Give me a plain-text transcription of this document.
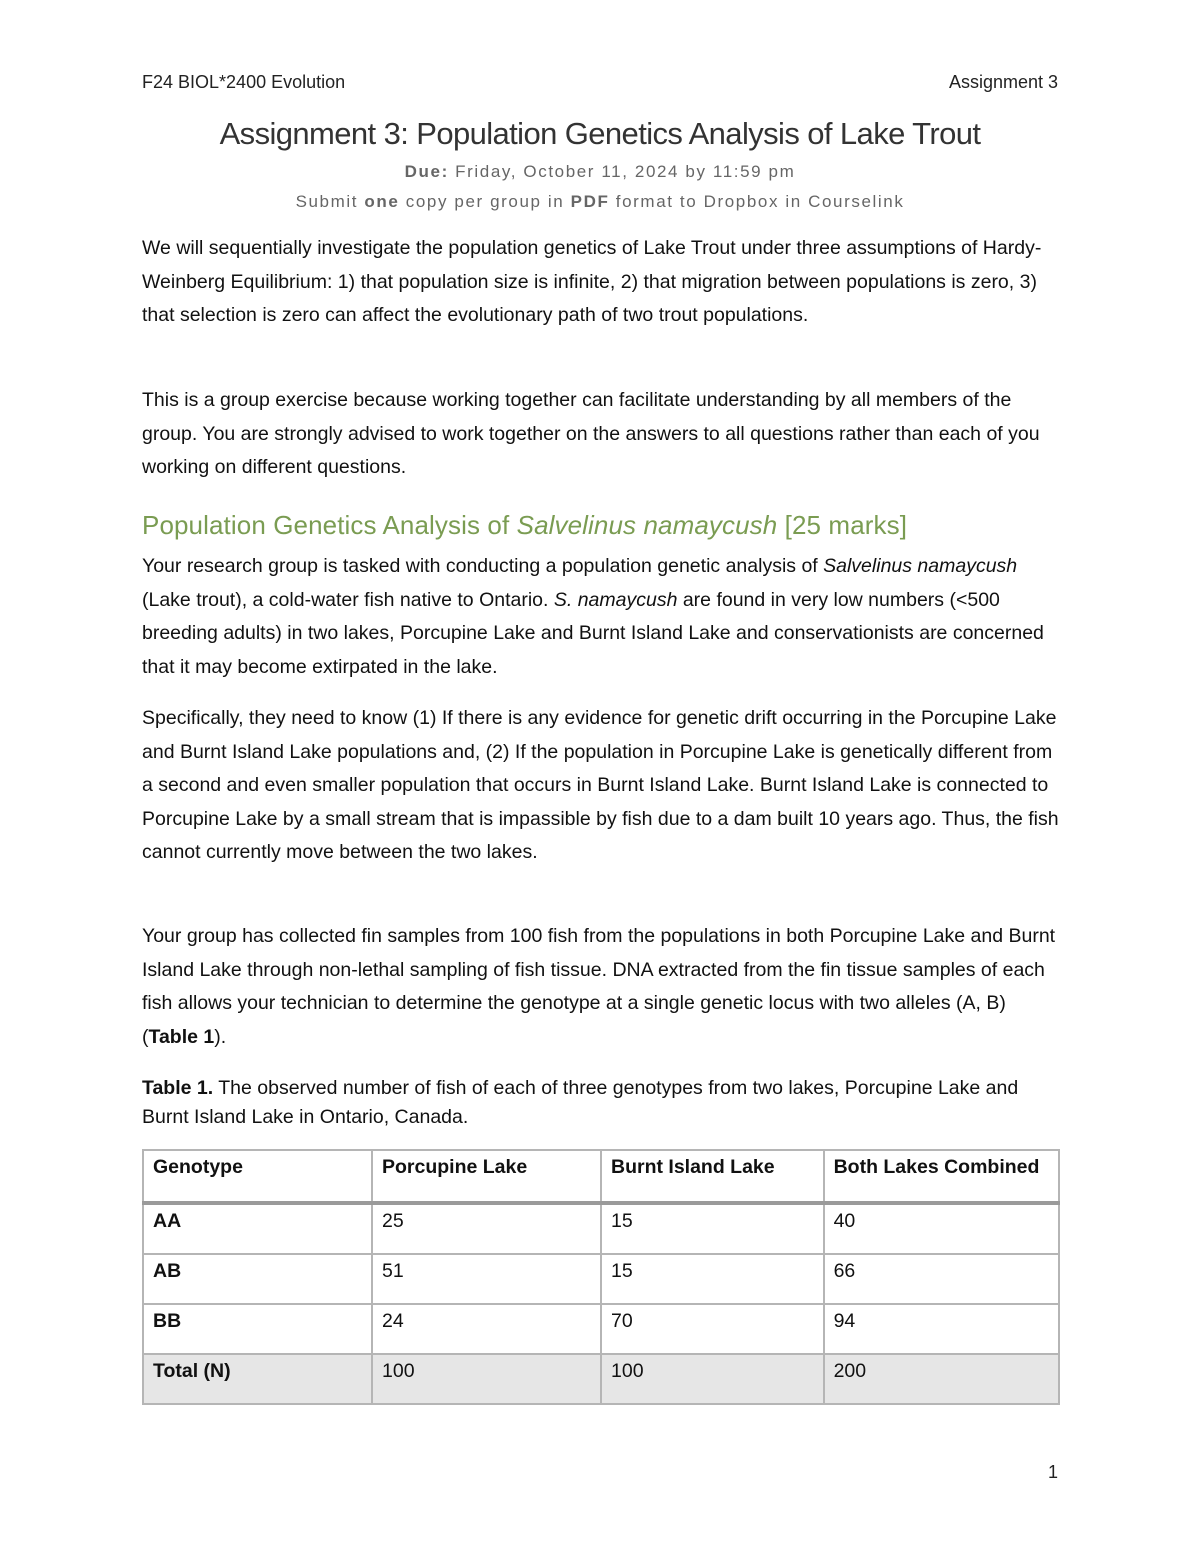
F24 BIOL*2400 Evolution	Assignment 3
Assignment 3: Population Genetics Analysis of Lake Trout
Due: Friday, October 11, 2024 by 11:59 pm
Submit one copy per group in PDF format to Dropbox in Courselink

We will sequentially investigate the population genetics of Lake Trout under three assumptions of Hardy-Weinberg Equilibrium: 1) that population size is infinite, 2) that migration between populations is zero, 3) that selection is zero can affect the evolutionary path of two trout populations.

This is a group exercise because working together can facilitate understanding by all members of the group. You are strongly advised to work together on the answers to all questions rather than each of you working on different questions.

Population Genetics Analysis of Salvelinus namaycush [25 marks]

Your research group is tasked with conducting a population genetic analysis of Salvelinus namaycush (Lake trout), a cold-water fish native to Ontario. S. namaycush are found in very low numbers (<500 breeding adults) in two lakes, Porcupine Lake and Burnt Island Lake and conservationists are concerned that it may become extirpated in the lake.

Specifically, they need to know (1) If there is any evidence for genetic drift occurring in the Porcupine Lake and Burnt Island Lake populations and, (2) If the population in Porcupine Lake is genetically different from a second and even smaller population that occurs in Burnt Island Lake. Burnt Island Lake is connected to Porcupine Lake by a small stream that is impassible by fish due to a dam built 10 years ago. Thus, the fish cannot currently move between the two lakes.

Your group has collected fin samples from 100 fish from the populations in both Porcupine Lake and Burnt Island Lake through non-lethal sampling of fish tissue. DNA extracted from the fin tissue samples of each fish allows your technician to determine the genotype at a single genetic locus with two alleles (A, B) (Table 1).

Table 1. The observed number of fish of each of three genotypes from two lakes, Porcupine Lake and Burnt Island Lake in Ontario, Canada.

Genotype	Porcupine Lake	Burnt Island Lake	Both Lakes Combined
AA	25	15	40
AB	51	15	66
BB	24	70	94
Total (N)	100	100	200
1
